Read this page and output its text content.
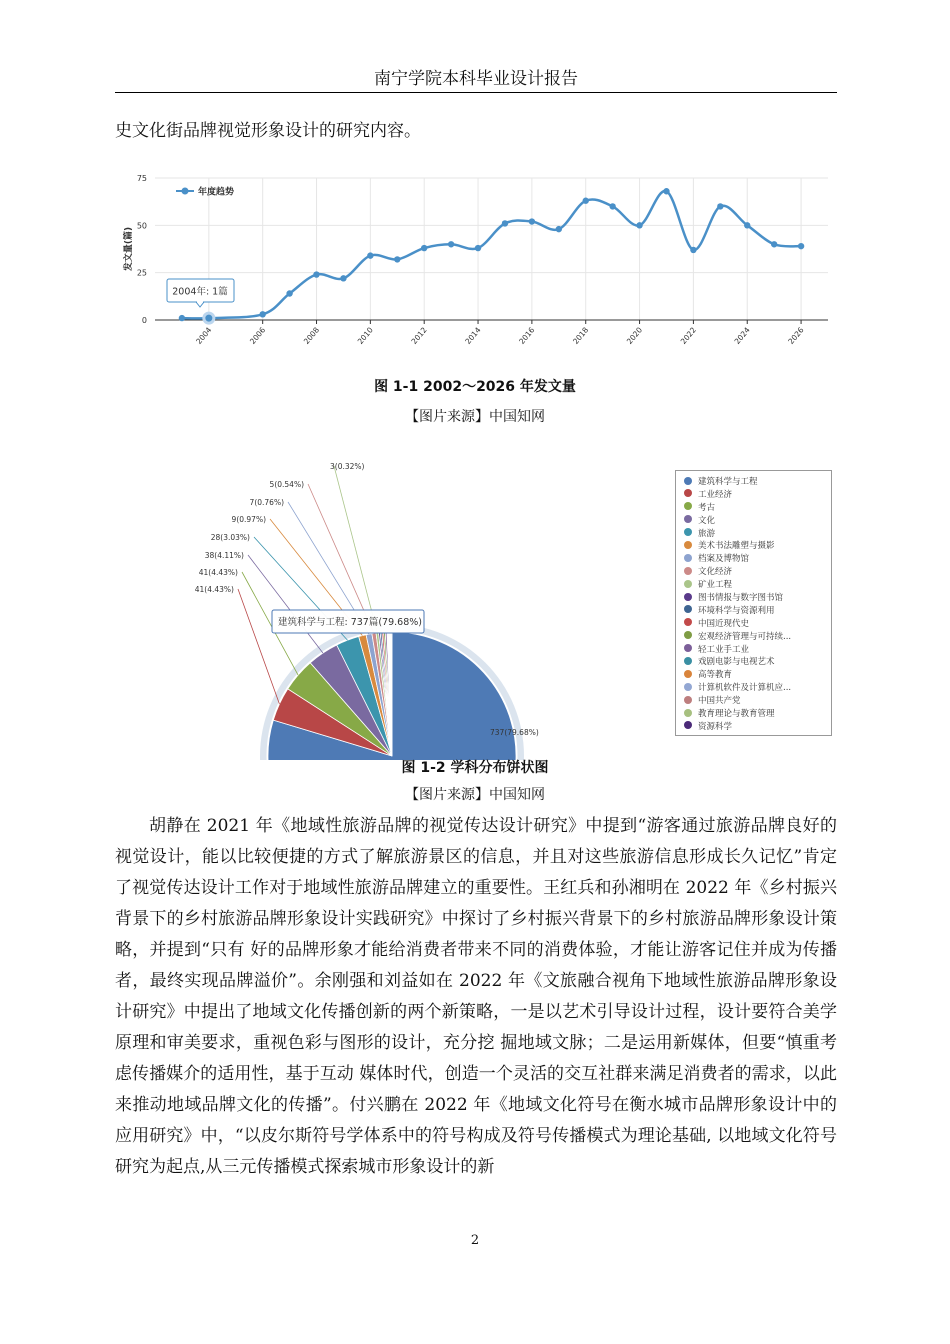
南宁学院本科毕业设计报告
史文化街品牌视觉形象设计的研究内容。
0
25
50
75
2004	2006	2008	2010	2012	2014	2016	2018	2020	2022	2024	2026
发文量(篇)
年度趋势
2004年: 1篇
图 1-1 2002～2026 年发文量
【图片来源】中国知网
737(79.68%)
41(4.43%)
41(4.43%)
38(4.11%)
28(3.03%)
9(0.97%)
7(0.76%)
5(0.54%)
3(0.32%)
建筑科学与工程: 737篇(79.68%)
建筑科学与工程
工业经济
考古
文化
旅游
美术书法雕塑与摄影
档案及博物馆
文化经济
矿业工程
图书情报与数字图书馆
环境科学与资源利用
中国近现代史
宏观经济管理与可持续...
轻工业手工业
戏剧电影与电视艺术
高等教育
计算机软件及计算机应...
中国共产党
教育理论与教育管理
资源科学
图 1-2 学科分布饼状图
【图片来源】中国知网

胡静在 2021 年《地域性旅游品牌的视觉传达设计研究》中提到“游客通过旅游品牌良好的视觉设计，能以比较便捷的方式了解旅游景区的信息，并且对这些旅游信息形成长久记忆”肯定了视觉传达设计工作对于地域性旅游品牌建立的重要性。王红兵和孙湘明在 2022 年《乡村振兴背景下的乡村旅游品牌形象设计实践研究》中探讨了乡村振兴背景下的乡村旅游品牌形象设计策略，并提到“只有 好的品牌形象才能给消费者带来不同的消费体验，才能让游客记住并成为传播者，最终实现品牌溢价”。余刚强和刘益如在 2022 年《文旅融合视角下地域性旅游品牌形象设计研究》中提出了地域文化传播创新的两个新策略，一是以艺术引导设计过程，设计要符合美学原理和审美要求，重视色彩与图形的设计，充分挖 掘地域文脉；二是运用新媒体，但要“慎重考虑传播媒介的适用性，基于互动 媒体时代，创造一个灵活的交互社群来满足消费者的需求，以此来推动地域品牌文化的传播”。付兴鹏在 2022 年《地域文化符号在衡水城市品牌形象设计中的应用研究》中，“以皮尔斯符号学体系中的符号构成及符号传播模式为理论基础, 以地域文化符号研究为起点,从三元传播模式探索城市形象设计的新

2
